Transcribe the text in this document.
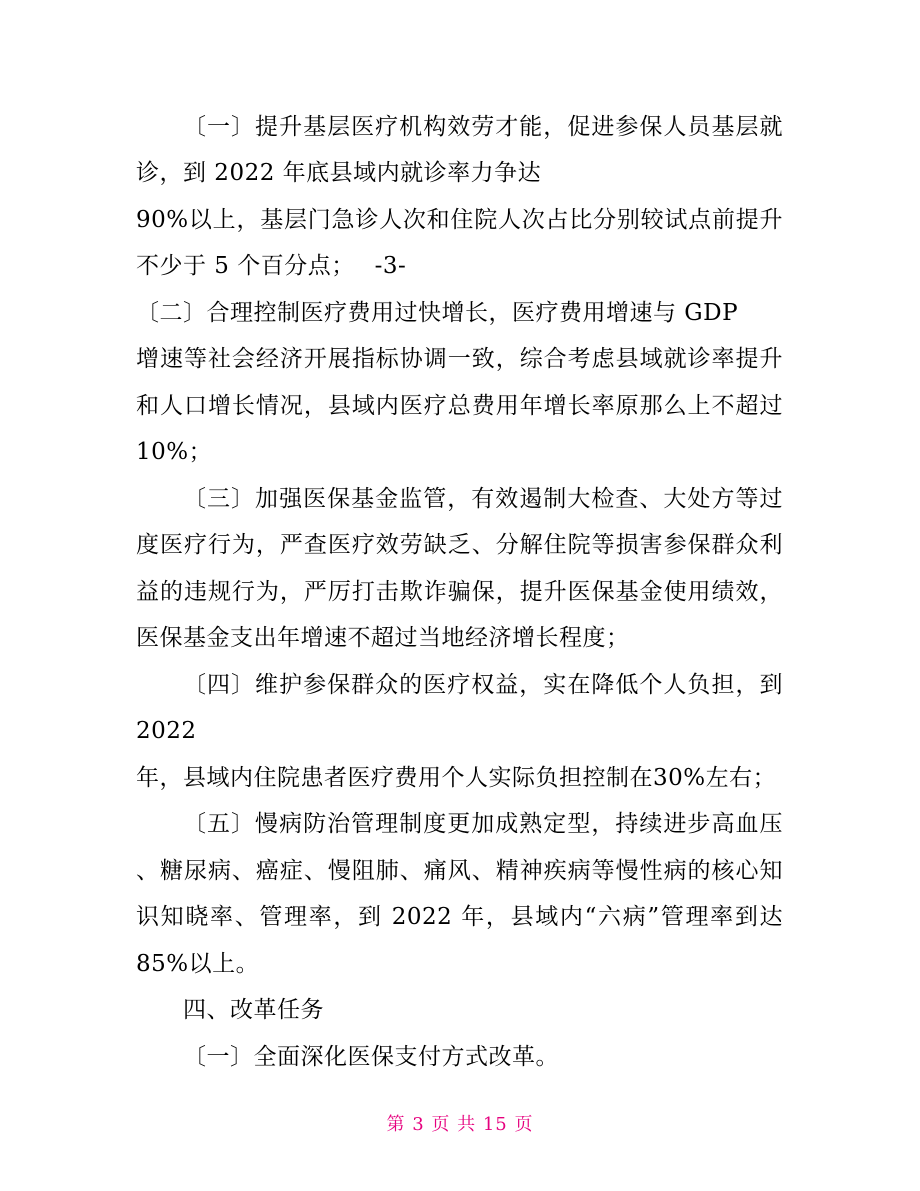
〔一〕提升基层医疗机构效劳才能，促进参保人员基层就
诊，到 2022 年底县域内就诊率力争达
90%以上，基层门急诊人次和住院人次占比分别较试点前提升
不少于 5 个百分点；　 -3-
〔二〕合理控制医疗费用过快增长，医疗费用增速与 GDP
增速等社会经济开展指标协调一致，综合考虑县域就诊率提升
和人口增长情况，县域内医疗总费用年增长率原那么上不超过
10%；
〔三〕加强医保基金监管，有效遏制大检查、大处方等过
度医疗行为，严查医疗效劳缺乏、分解住院等损害参保群众利
益的违规行为，严厉打击欺诈骗保，提升医保基金使用绩效，
医保基金支出年增速不超过当地经济增长程度；
〔四〕维护参保群众的医疗权益，实在降低个人负担，到
2022
年，县域内住院患者医疗费用个人实际负担控制在30%左右；
〔五〕慢病防治管理制度更加成熟定型，持续进步高血压
、糖尿病、癌症、慢阻肺、痛风、精神疾病等慢性病的核心知
识知晓率、管理率，到 2022 年，县域内“六病”管理率到达
85%以上。
四、改革任务
〔一〕全面深化医保支付方式改革。
第 3 页 共 15 页
